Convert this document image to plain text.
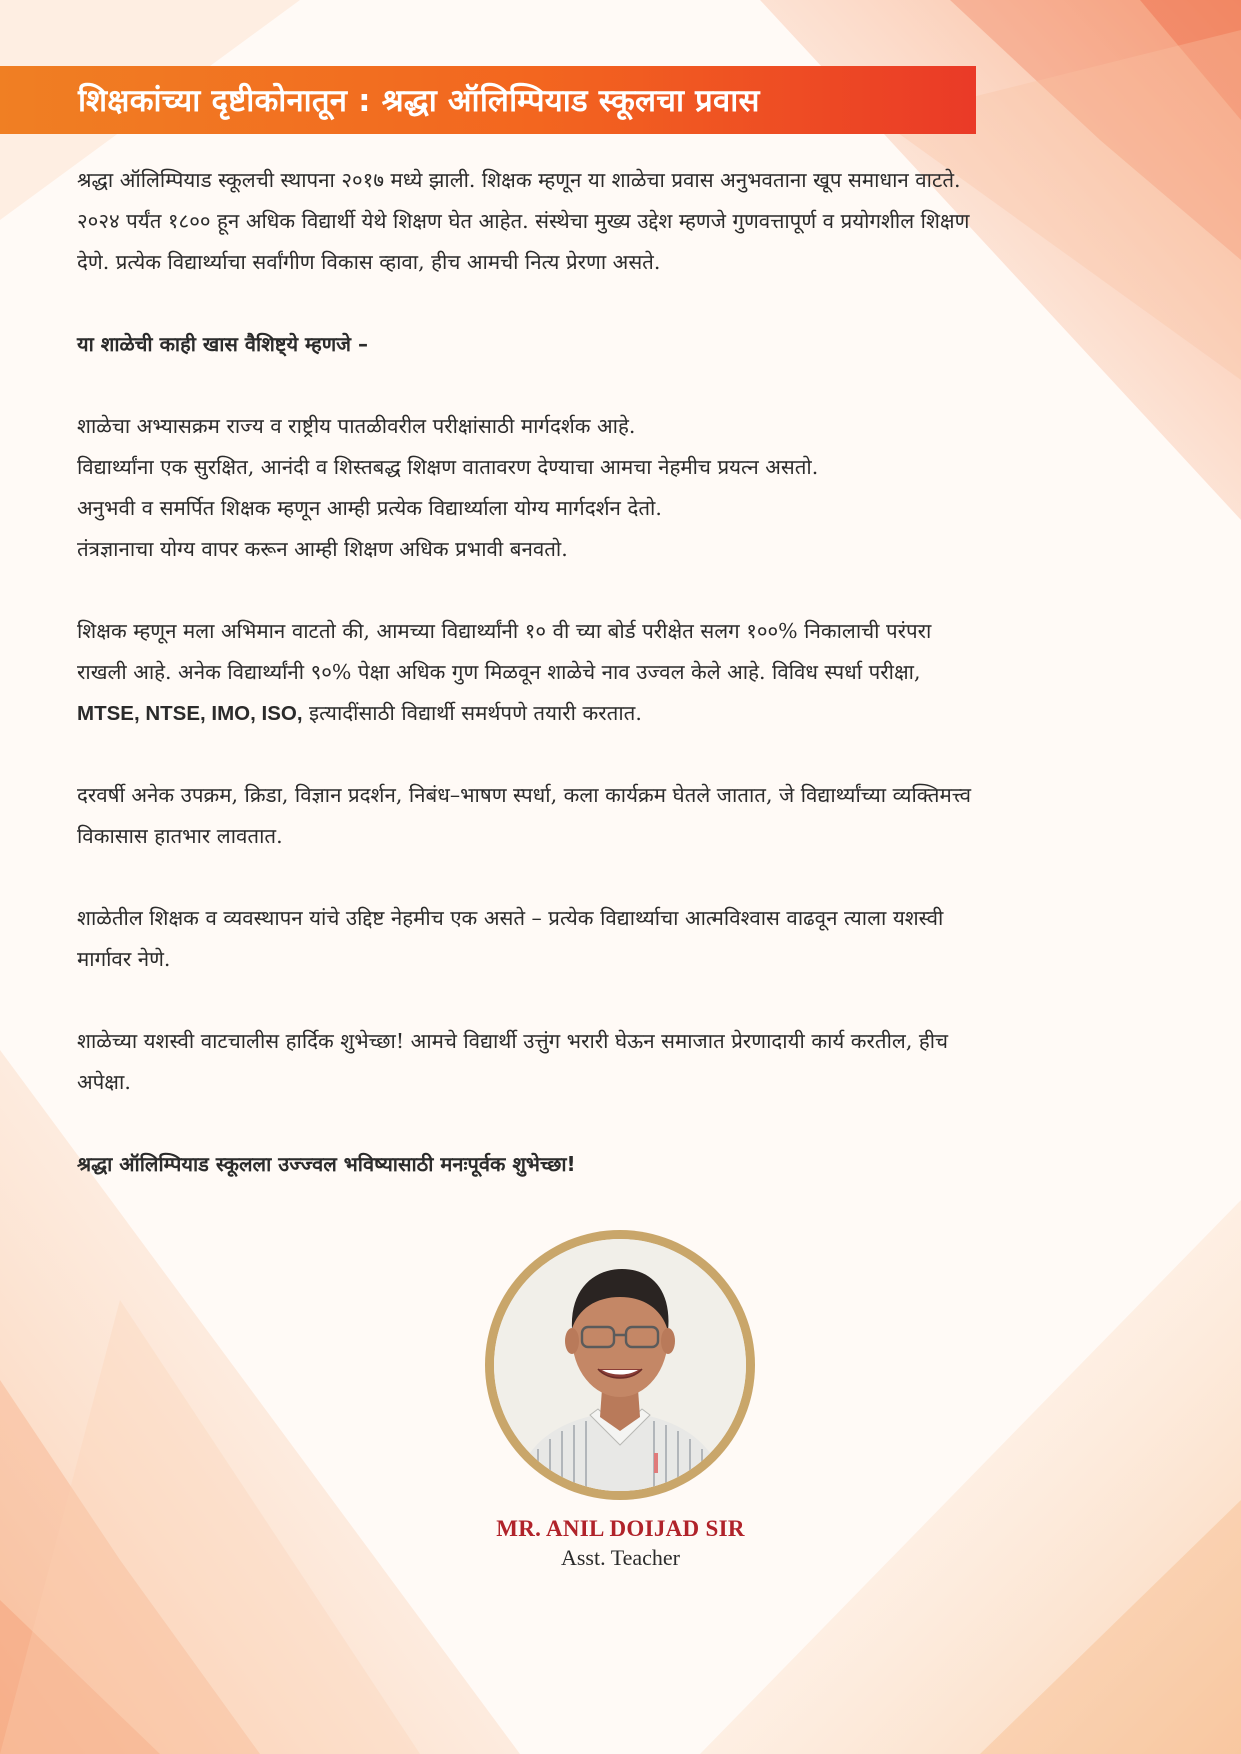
शिक्षकांच्या दृष्टीकोनातून : श्रद्धा ऑलिम्पियाड स्कूलचा प्रवास

श्रद्धा ऑलिम्पियाड स्कूलची स्थापना २०१७ मध्ये झाली. शिक्षक म्हणून या शाळेचा प्रवास अनुभवताना खूप समाधान वाटते.
२०२४ पर्यंत १८०० हून अधिक विद्यार्थी येथे शिक्षण घेत आहेत. संस्थेचा मुख्य उद्देश म्हणजे गुणवत्तापूर्ण व प्रयोगशील शिक्षण
देणे. प्रत्येक विद्यार्थ्याचा सर्वांगीण विकास व्हावा, हीच आमची नित्य प्रेरणा असते.

या शाळेची काही खास वैशिष्ट्ये म्हणजे –

शाळेचा अभ्यासक्रम राज्य व राष्ट्रीय पातळीवरील परीक्षांसाठी मार्गदर्शक आहे.
विद्यार्थ्यांना एक सुरक्षित, आनंदी व शिस्तबद्ध शिक्षण वातावरण देण्याचा आमचा नेहमीच प्रयत्न असतो.
अनुभवी व समर्पित शिक्षक म्हणून आम्ही प्रत्येक विद्यार्थ्याला योग्य मार्गदर्शन देतो.
तंत्रज्ञानाचा योग्य वापर करून आम्ही शिक्षण अधिक प्रभावी बनवतो.

शिक्षक म्हणून मला अभिमान वाटतो की, आमच्या विद्यार्थ्यांनी १० वी च्या बोर्ड परीक्षेत सलग १००% निकालाची परंपरा
राखली आहे. अनेक विद्यार्थ्यांनी ९०% पेक्षा अधिक गुण मिळवून शाळेचे नाव उज्वल केले आहे. विविध स्पर्धा परीक्षा,
MTSE, NTSE, IMO, ISO, इत्यादींसाठी विद्यार्थी समर्थपणे तयारी करतात.

दरवर्षी अनेक उपक्रम, क्रिडा, विज्ञान प्रदर्शन, निबंध–भाषण स्पर्धा, कला कार्यक्रम घेतले जातात, जे विद्यार्थ्यांच्या व्यक्तिमत्त्व
विकासास हातभार लावतात.

शाळेतील शिक्षक व व्यवस्थापन यांचे उद्दिष्ट नेहमीच एक असते – प्रत्येक विद्यार्थ्याचा आत्मविश्वास वाढवून त्याला यशस्वी
मार्गावर नेणे.

शाळेच्या यशस्वी वाटचालीस हार्दिक शुभेच्छा! आमचे विद्यार्थी उत्तुंग भरारी घेऊन समाजात प्रेरणादायी कार्य करतील, हीच
अपेक्षा.

श्रद्धा ऑलिम्पियाड स्कूलला उज्ज्वल भविष्यासाठी मनःपूर्वक शुभेच्छा!

MR. ANIL DOIJAD SIR
Asst. Teacher
